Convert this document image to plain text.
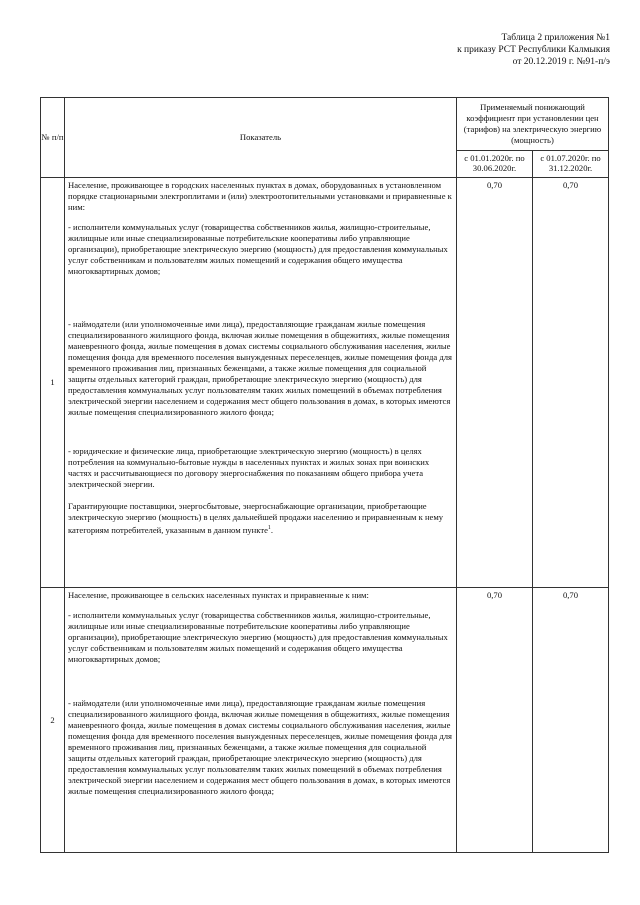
Таблица 2 приложения №1
к приказу РСТ Республики Калмыкия
от 20.12.2019 г. №91-п/э
№ п/п	Показатель	Применяемый понижающий коэффициент при установлении цен (тарифов) на электрическую энергию (мощность)	
		с 01.01.2020г. по 30.06.2020г.	с 01.07.2020г. по 31.12.2020г.
1	Население, проживающее в городских населенных пунктах в домах, оборудованных в установленном порядке стационарными электроплитами и (или) электроотопительными установками и приравненные к ним:

- исполнители коммунальных услуг (товарищества собственников жилья, жилищно-строительные, жилищные или иные специализированные потребительские кооперативы либо управляющие организации), приобретающие электрическую энергию (мощность) для предоставления коммунальных услуг собственникам и пользователям жилых помещений и содержания общего имущества многоквартирных домов;

- наймодатели (или уполномоченные ими лица), предоставляющие гражданам жилые помещения специализированного жилищного фонда, включая жилые помещения в общежитиях, жилые помещения маневренного фонда, жилые помещения в домах системы социального обслуживания населения, жилые помещения фонда для временного поселения вынужденных переселенцев, жилые помещения фонда для временного проживания лиц, признанных беженцами, а также жилые помещения для социальной защиты отдельных категорий граждан, приобретающие электрическую энергию (мощность) для предоставления коммунальных услуг пользователям таких жилых помещений в объемах потребления электрической энергии населением и содержания мест общего пользования в домах, в которых имеются жилые помещения специализированного жилого фонда;

- юридические и физические лица, приобретающие электрическую энергию (мощность) в целях потребления на коммунально-бытовые нужды в населенных пунктах и жилых зонах при воинских частях и рассчитывающиеся по договору энергоснабжения по показаниям общего прибора учета электрической энергии.

Гарантирующие поставщики, энергосбытовые, энергоснабжающие организации, приобретающие электрическую энергию (мощность) в целях дальнейшей продажи населению и приравненным к нему категориям потребителей, указанным в данном пункте$^1$.	0,70	0,70
2	Население, проживающее в сельских населенных пунктах и приравненные к ним:

- исполнители коммунальных услуг (товарищества собственников жилья, жилищно-строительные, жилищные или иные специализированные потребительские кооперативы либо управляющие организации), приобретающие электрическую энергию (мощность) для предоставления коммунальных услуг собственникам и пользователям жилых помещений и содержания общего имущества многоквартирных домов;

- наймодатели (или уполномоченные ими лица), предоставляющие гражданам жилые помещения специализированного жилищного фонда, включая жилые помещения в общежитиях, жилые помещения маневренного фонда, жилые помещения в домах системы социального обслуживания населения, жилые помещения фонда для временного поселения вынужденных переселенцев, жилые помещения фонда для временного проживания лиц, признанных беженцами, а также жилые помещения для социальной защиты отдельных категорий граждан, приобретающие электрическую энергию (мощность) для предоставления коммунальных услуг пользователям таких жилых помещений в объемах потребления электрической энергии населением и содержания мест общего пользования в домах, в которых имеются жилые помещения специализированного жилого фонда;	0,70	0,70
